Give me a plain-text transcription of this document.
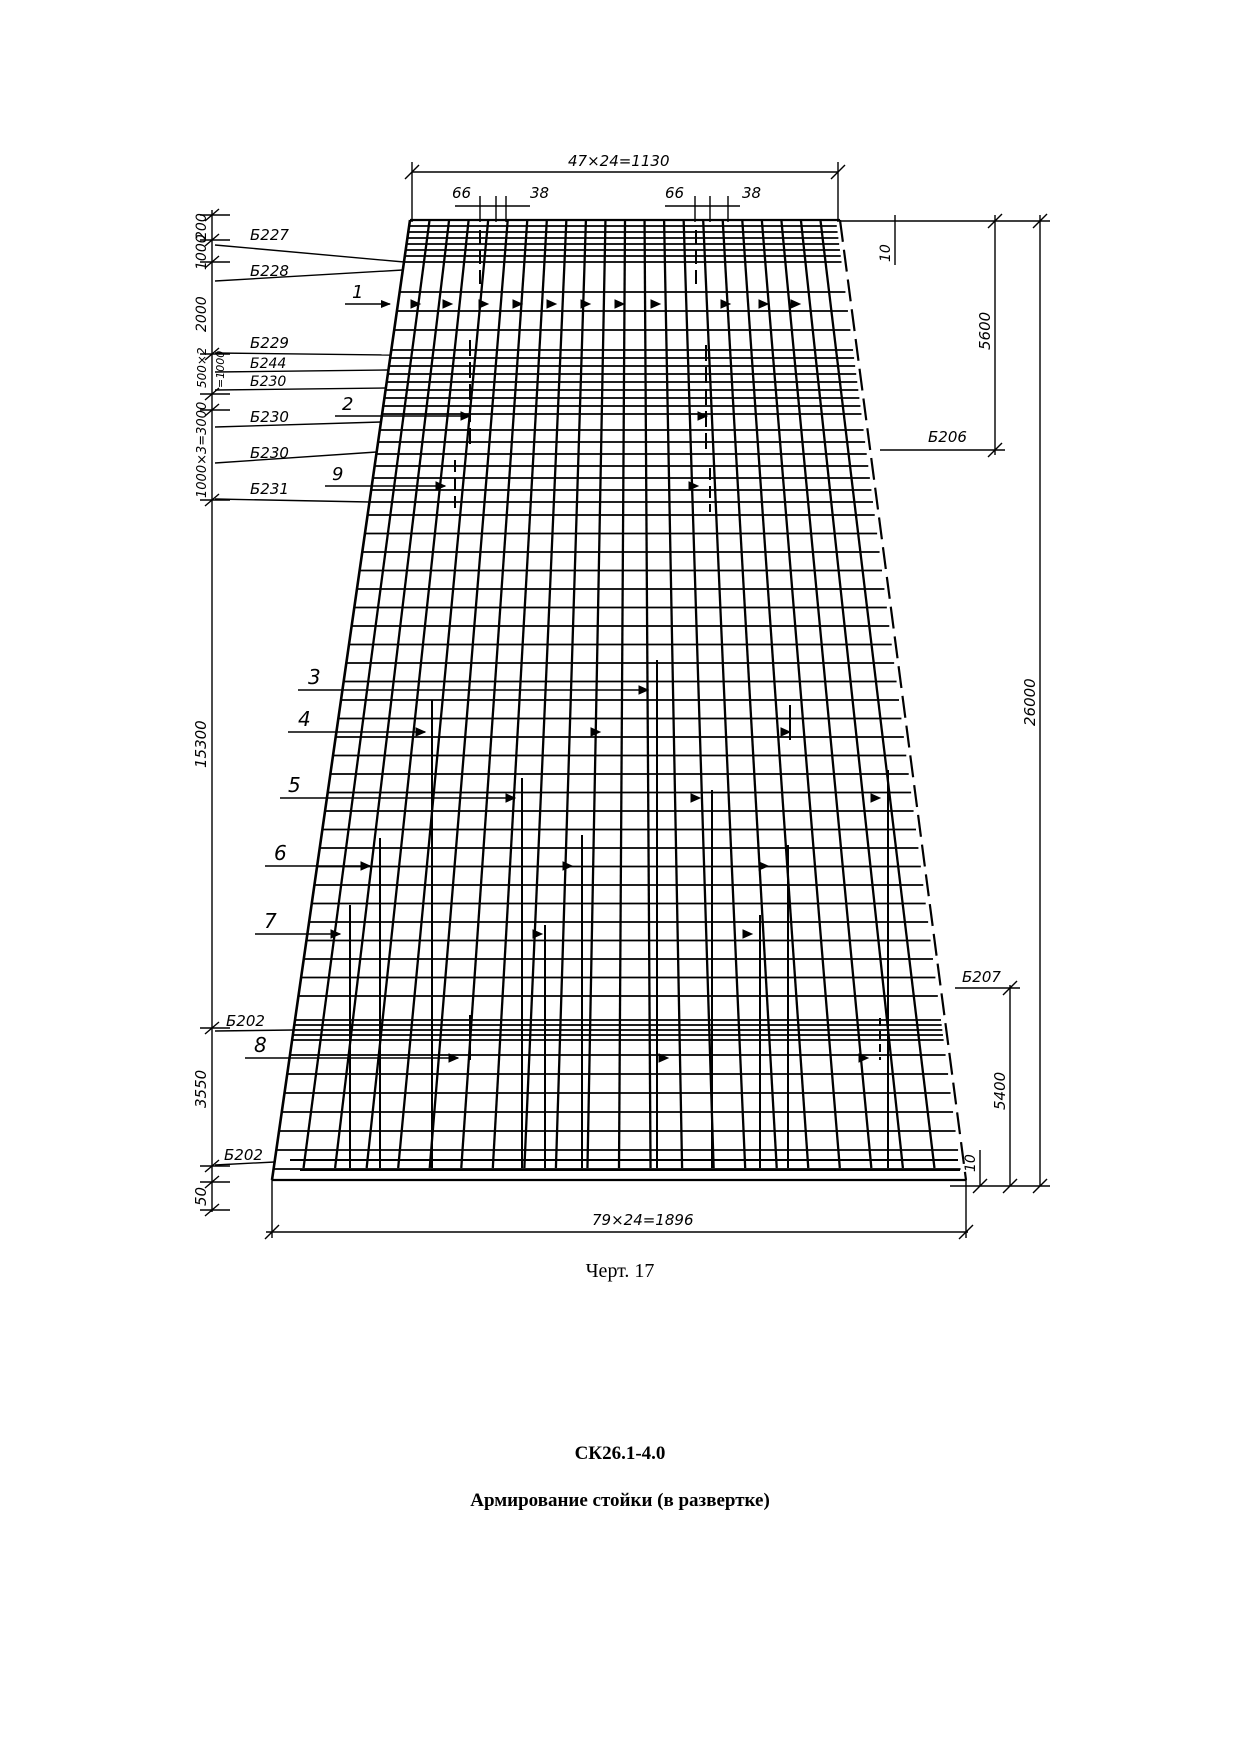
47×24=1130
66	38	66	38
79×24=1896
1000
200
2000
500×2 =1000
1000×3=3000
15300
3550
50
10
5600
26000
5400
10
Б227
Б228
Б229
Б244
Б230
Б230
Б230
Б231
Б202
Б202
Б206
Б207
1
2
9
3
4
5
6
7
8

Черт. 17

СК26.1-4.0

Армирование стойки (в развертке)
